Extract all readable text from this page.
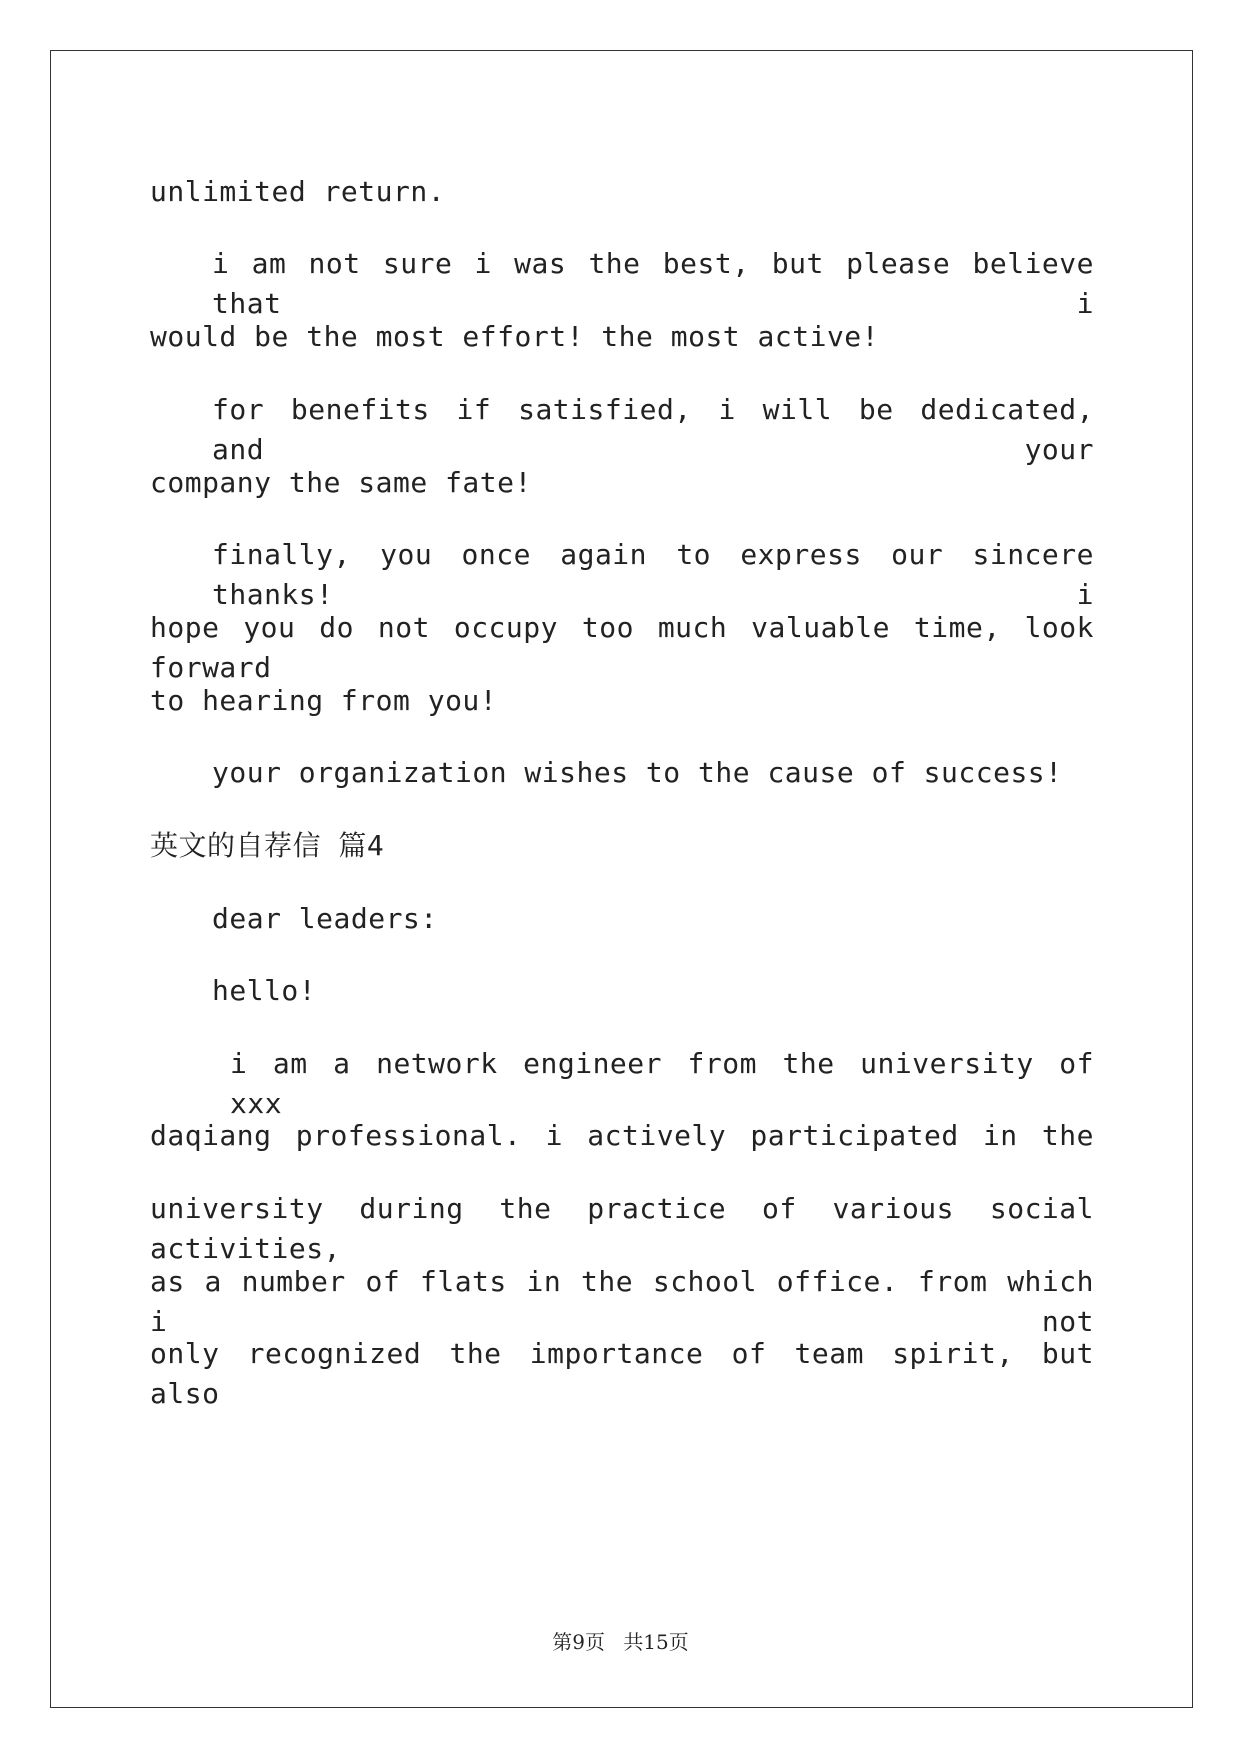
unlimited return.
i am not sure i was the best, but please believe that i
would be the most effort! the most active!
for benefits if satisfied, i will be dedicated, and your
company the same fate!
finally, you once again to express our sincere thanks! i
hope you do not occupy too much valuable time, look forward
to hearing from you!
your organization wishes to the cause of success!
英文的自荐信 篇4
dear leaders:
hello!
i am a network engineer from the university of xxx
daqiang professional. i actively participated in the
university during the practice of various social activities,
as a number of flats in the school office. from which i not
only recognized the importance of team spirit, but also
第9页 共15页
